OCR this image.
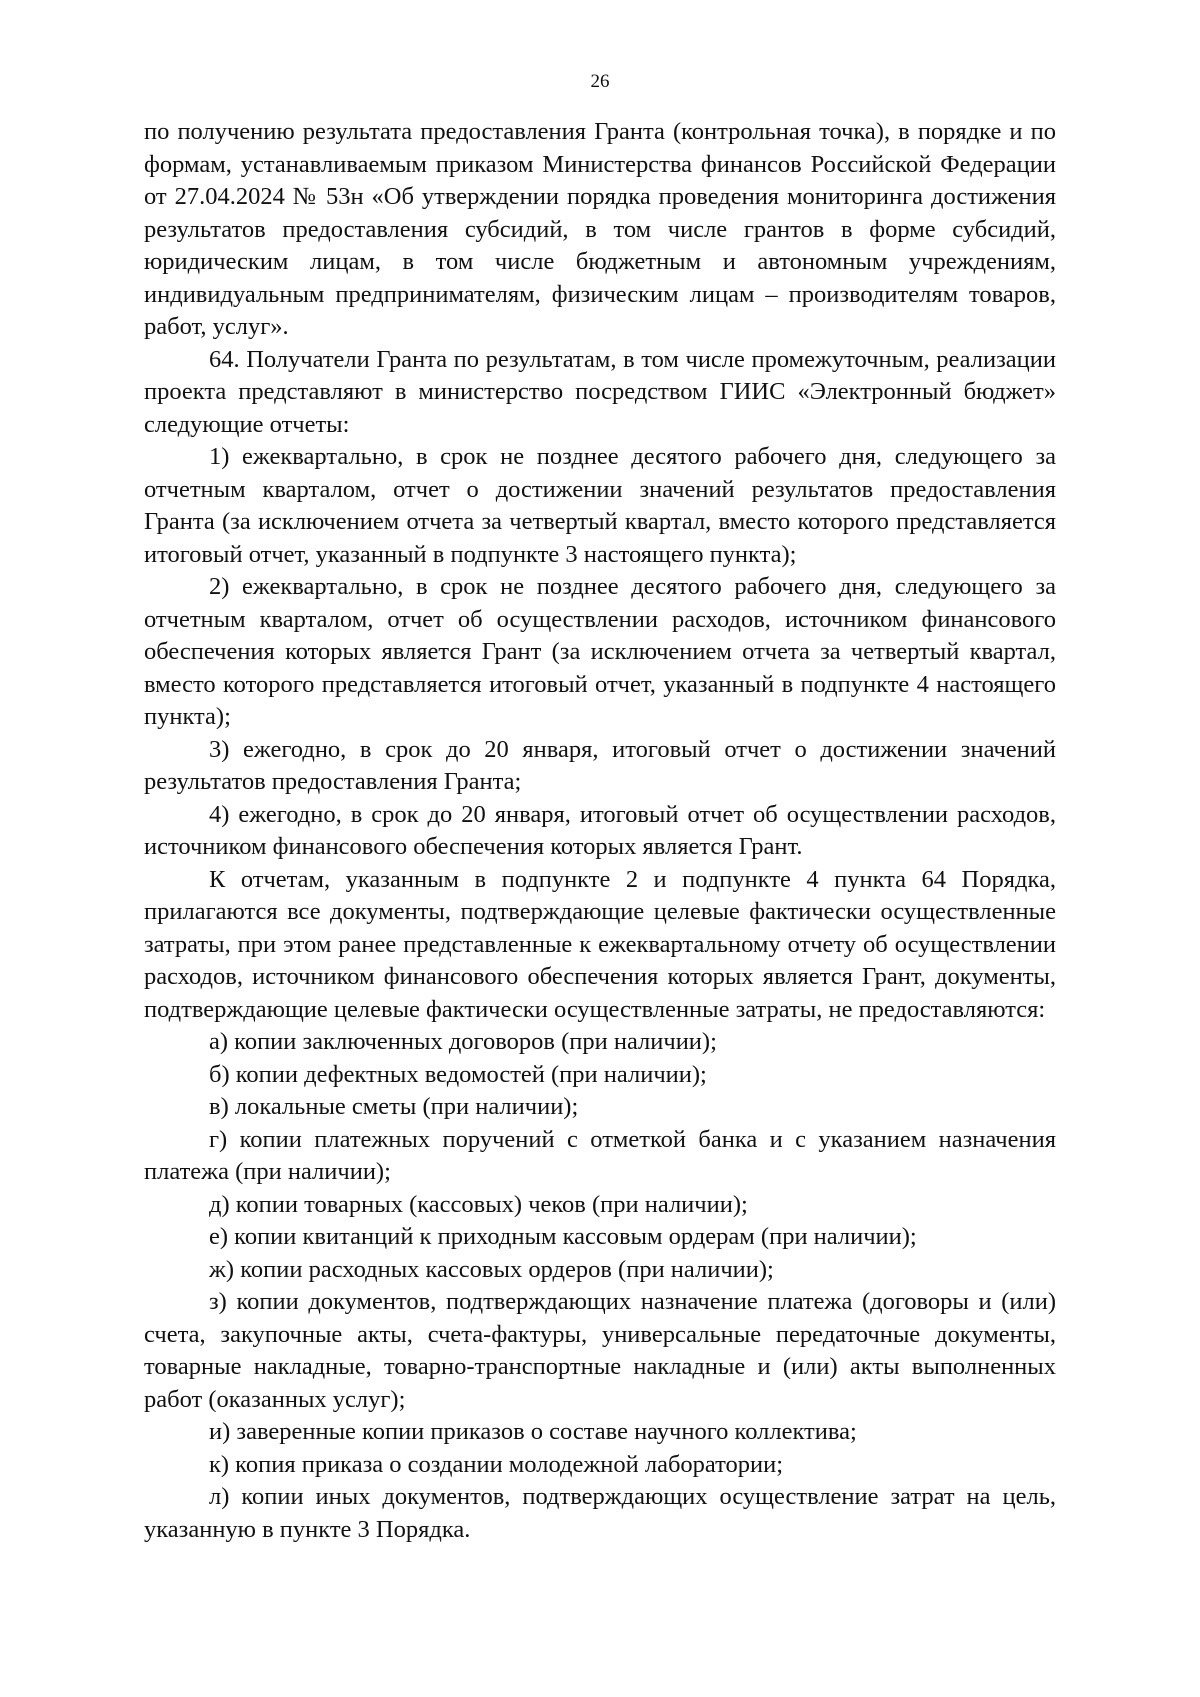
26

по получению результата предоставления Гранта (контрольная точка), в порядке и по формам, устанавливаемым приказом Министерства финансов Российской Федерации от 27.04.2024 № 53н «Об утверждении порядка проведения мониторинга достижения результатов предоставления субсидий, в том числе грантов в форме субсидий, юридическим лицам, в том числе бюджетным и автономным учреждениям, индивидуальным предпринимателям, физическим лицам – производителям товаров, работ, услуг».

64. Получатели Гранта по результатам, в том числе промежуточным, реализации проекта представляют в министерство посредством ГИИС «Электронный бюджет» следующие отчеты:

1) ежеквартально, в срок не позднее десятого рабочего дня, следующего за отчетным кварталом, отчет о достижении значений результатов предоставления Гранта (за исключением отчета за четвертый квартал, вместо которого представляется итоговый отчет, указанный в подпункте 3 настоящего пункта);

2) ежеквартально, в срок не позднее десятого рабочего дня, следующего за отчетным кварталом, отчет об осуществлении расходов, источником финансового обеспечения которых является Грант (за исключением отчета за четвертый квартал, вместо которого представляется итоговый отчет, указанный в подпункте 4 настоящего пункта);

3) ежегодно, в срок до 20 января, итоговый отчет о достижении значений результатов предоставления Гранта;

4) ежегодно, в срок до 20 января, итоговый отчет об осуществлении расходов, источником финансового обеспечения которых является Грант.

К отчетам, указанным в подпункте 2 и подпункте 4 пункта 64 Порядка, прилагаются все документы, подтверждающие целевые фактически осуществленные затраты, при этом ранее представленные к ежеквартальному отчету об осуществлении расходов, источником финансового обеспечения которых является Грант, документы, подтверждающие целевые фактически осуществленные затраты, не предоставляются:

а) копии заключенных договоров (при наличии);

б) копии дефектных ведомостей (при наличии);

в) локальные сметы (при наличии);

г) копии платежных поручений с отметкой банка и с указанием назначения платежа (при наличии);

д) копии товарных (кассовых) чеков (при наличии);

е) копии квитанций к приходным кассовым ордерам (при наличии);

ж) копии расходных кассовых ордеров (при наличии);

з) копии документов, подтверждающих назначение платежа (договоры и (или) счета, закупочные акты, счета-фактуры, универсальные передаточные документы, товарные накладные, товарно-транспортные накладные и (или) акты выполненных работ (оказанных услуг);

и) заверенные копии приказов о составе научного коллектива;

к) копия приказа о создании молодежной лаборатории;

л) копии иных документов, подтверждающих осуществление затрат на цель, указанную в пункте 3 Порядка.
